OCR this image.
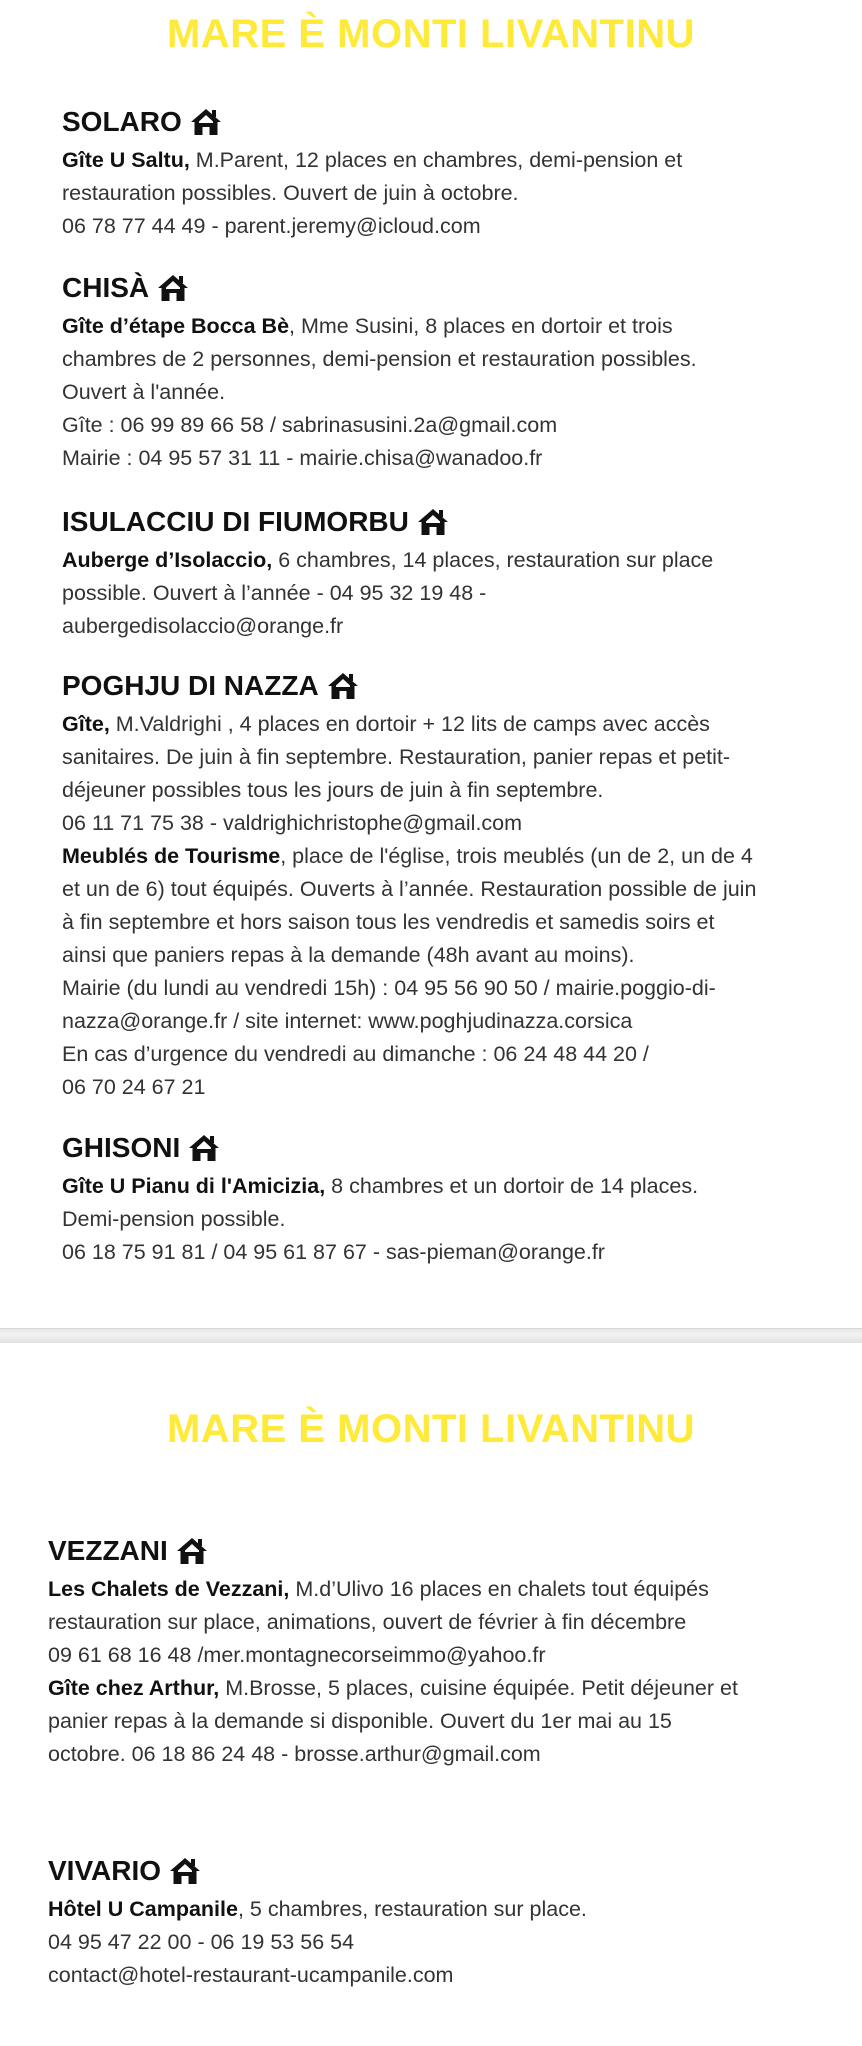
MARE È MONTI LIVANTINU
SOLARO

Gîte U Saltu, M.Parent, 12 places en chambres, demi-pension et

restauration possibles. Ouvert de juin à octobre.

06 78 77 44 49 - parent.jeremy@icloud.com

CHISÀ

Gîte d’étape Bocca Bè, Mme Susini, 8 places en dortoir et trois

chambres de 2 personnes, demi-pension et restauration possibles.

Ouvert à l'année.

Gîte : 06 99 89 66 58 / sabrinasusini.2a@gmail.com

Mairie : 04 95 57 31 11 - mairie.chisa@wanadoo.fr

ISULACCIU DI FIUMORBU

Auberge d’Isolaccio, 6 chambres, 14 places, restauration sur place

possible. Ouvert à l’année - 04 95 32 19 48 -

aubergedisolaccio@orange.fr

POGHJU DI NAZZA

Gîte, M.Valdrighi , 4 places en dortoir + 12 lits de camps avec accès

sanitaires. De juin à fin septembre. Restauration, panier repas et petit-

déjeuner possibles tous les jours de juin à fin septembre.

06 11 71 75 38 - valdrighichristophe@gmail.com

Meublés de Tourisme, place de l'église, trois meublés (un de 2, un de 4

et un de 6) tout équipés. Ouverts à l’année. Restauration possible de juin

à fin septembre et hors saison tous les vendredis et samedis soirs et

ainsi que paniers repas à la demande (48h avant au moins).

Mairie (du lundi au vendredi 15h) : 04 95 56 90 50 / mairie.poggio-di-

nazza@orange.fr / site internet: www.poghjudinazza.corsica

En cas d’urgence du vendredi au dimanche : 06 24 48 44 20 /

06 70 24 67 21

GHISONI

Gîte U Pianu di l'Amicizia, 8 chambres et un dortoir de 14 places.

Demi-pension possible.

06 18 75 91 81 / 04 95 61 87 67 - sas-pieman@orange.fr

MARE È MONTI LIVANTINU
VEZZANI

Les Chalets de Vezzani, M.d’Ulivo 16 places en chalets tout équipés

restauration sur place, animations, ouvert de février à fin décembre

09 61 68 16 48 /mer.montagnecorseimmo@yahoo.fr

Gîte chez Arthur, M.Brosse, 5 places, cuisine équipée. Petit déjeuner et

panier repas à la demande si disponible. Ouvert du 1er mai au 15

octobre. 06 18 86 24 48 - brosse.arthur@gmail.com

VIVARIO

Hôtel U Campanile, 5 chambres, restauration sur place.

04 95 47 22 00 - 06 19 53 56 54

contact@hotel-restaurant-ucampanile.com
